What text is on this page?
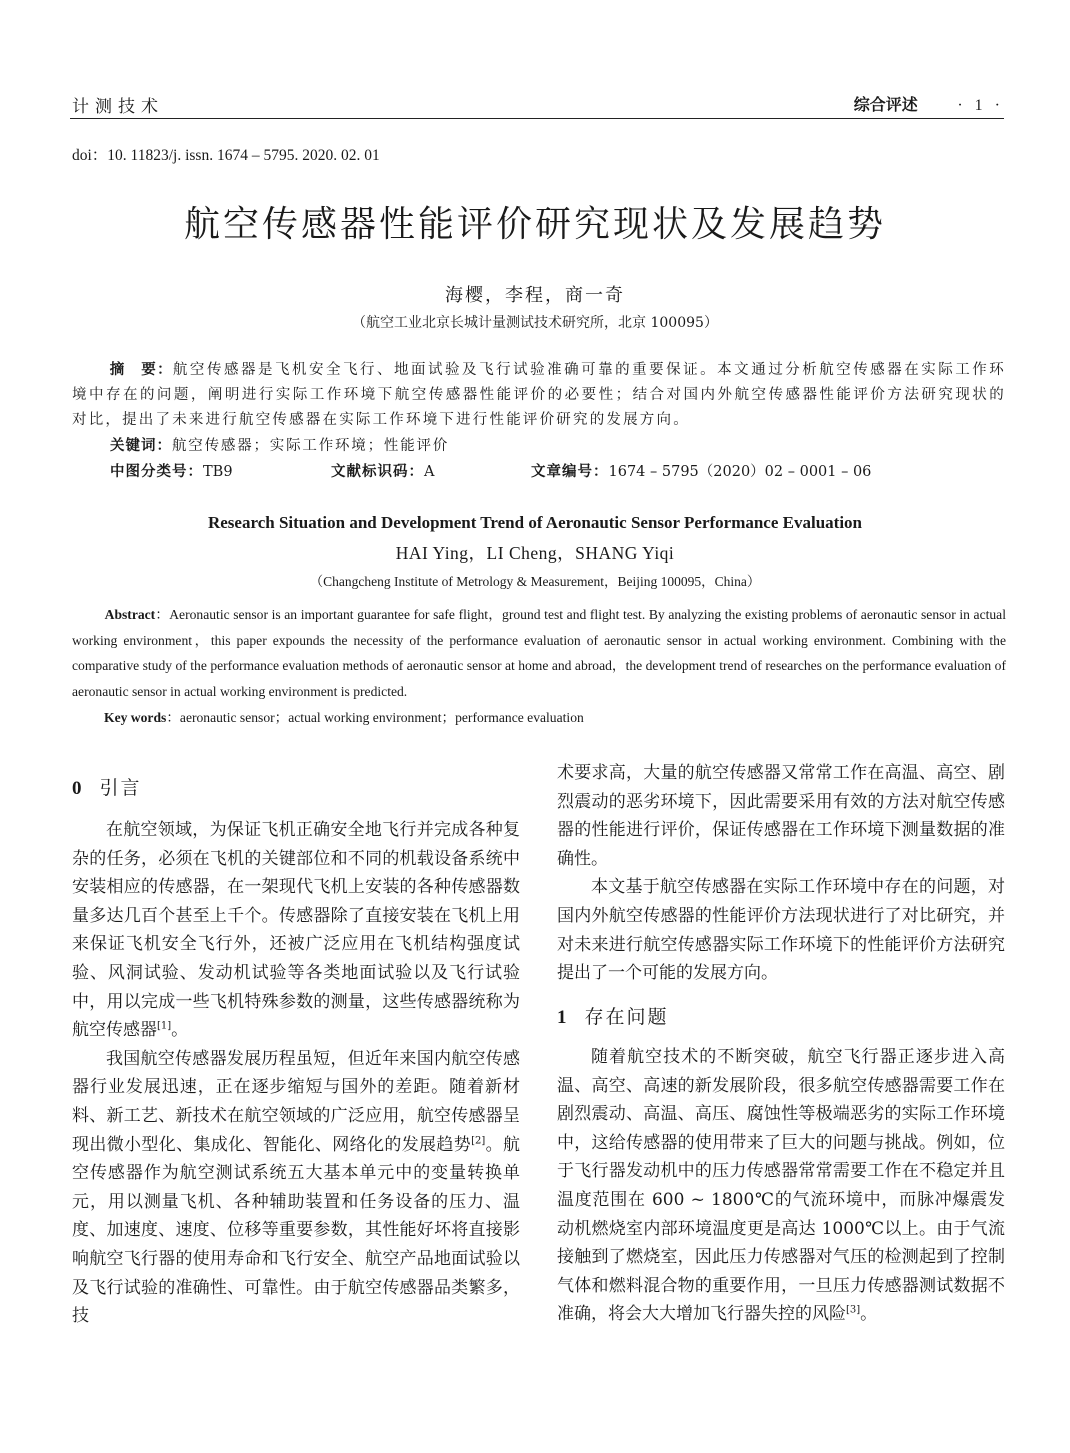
计测技术	综合评述 · 1 ·
doi：10. 11823/j. issn. 1674 – 5795. 2020. 02. 01
航空传感器性能评价研究现状及发展趋势
海樱，李程，商一奇
（航空工业北京长城计量测试技术研究所，北京 100095）
摘　要：航空传感器是飞机安全飞行、地面试验及飞行试验准确可靠的重要保证。本文通过分析航空传感器在实际工作环境中存在的问题，阐明进行实际工作环境下航空传感器性能评价的必要性；结合对国内外航空传感器性能评价方法研究现状的对比，提出了未来进行航空传感器在实际工作环境下进行性能评价研究的发展方向。
关键词：航空传感器；实际工作环境；性能评价
中图分类号：TB9	文献标识码：A	文章编号：1674 – 5795（2020）02 – 0001 – 06
Research Situation and Development Trend of Aeronautic Sensor Performance Evaluation
HAI Ying，LI Cheng，SHANG Yiqi
（Changcheng Institute of Metrology & Measurement，Beijing 100095，China）
Abstract：Aeronautic sensor is an important guarantee for safe flight，ground test and flight test. By analyzing the existing problems of aeronautic sensor in actual working environment，this paper expounds the necessity of the performance evaluation of aeronautic sensor in actual working environment. Combining with the comparative study of the performance evaluation methods of aeronautic sensor at home and abroad，the development trend of researches on the performance evaluation of aeronautic sensor in actual working environment is predicted.
Key words：aeronautic sensor；actual working environment；performance evaluation
0 引言

在航空领域，为保证飞机正确安全地飞行并完成各种复杂的任务，必须在飞机的关键部位和不同的机载设备系统中安装相应的传感器，在一架现代飞机上安装的各种传感器数量多达几百个甚至上千个。传感器除了直接安装在飞机上用来保证飞机安全飞行外，还被广泛应用在飞机结构强度试验、风洞试验、发动机试验等各类地面试验以及飞行试验中，用以完成一些飞机特殊参数的测量，这些传感器统称为航空传感器[1]。

我国航空传感器发展历程虽短，但近年来国内航空传感器行业发展迅速，正在逐步缩短与国外的差距。随着新材料、新工艺、新技术在航空领域的广泛应用，航空传感器呈现出微小型化、集成化、智能化、网络化的发展趋势[2]。航空传感器作为航空测试系统五大基本单元中的变量转换单元，用以测量飞机、各种辅助装置和任务设备的压力、温度、加速度、速度、位移等重要参数，其性能好坏将直接影响航空飞行器的使用寿命和飞行安全、航空产品地面试验以及飞行试验的准确性、可靠性。由于航空传感器品类繁多，技

术要求高，大量的航空传感器又常常工作在高温、高空、剧烈震动的恶劣环境下，因此需要采用有效的方法对航空传感器的性能进行评价，保证传感器在工作环境下测量数据的准确性。

本文基于航空传感器在实际工作环境中存在的问题，对国内外航空传感器的性能评价方法现状进行了对比研究，并对未来进行航空传感器实际工作环境下的性能评价方法研究提出了一个可能的发展方向。

1 存在问题

随着航空技术的不断突破，航空飞行器正逐步进入高温、高空、高速的新发展阶段，很多航空传感器需要工作在剧烈震动、高温、高压、腐蚀性等极端恶劣的实际工作环境中，这给传感器的使用带来了巨大的问题与挑战。例如，位于飞行器发动机中的压力传感器常常需要工作在不稳定并且温度范围在 600 ~ 1800℃的气流环境中，而脉冲爆震发动机燃烧室内部环境温度更是高达 1000℃以上。由于气流接触到了燃烧室，因此压力传感器对气压的检测起到了控制气体和燃料混合物的重要作用，一旦压力传感器测试数据不准确，将会大大增加飞行器失控的风险[3]。
